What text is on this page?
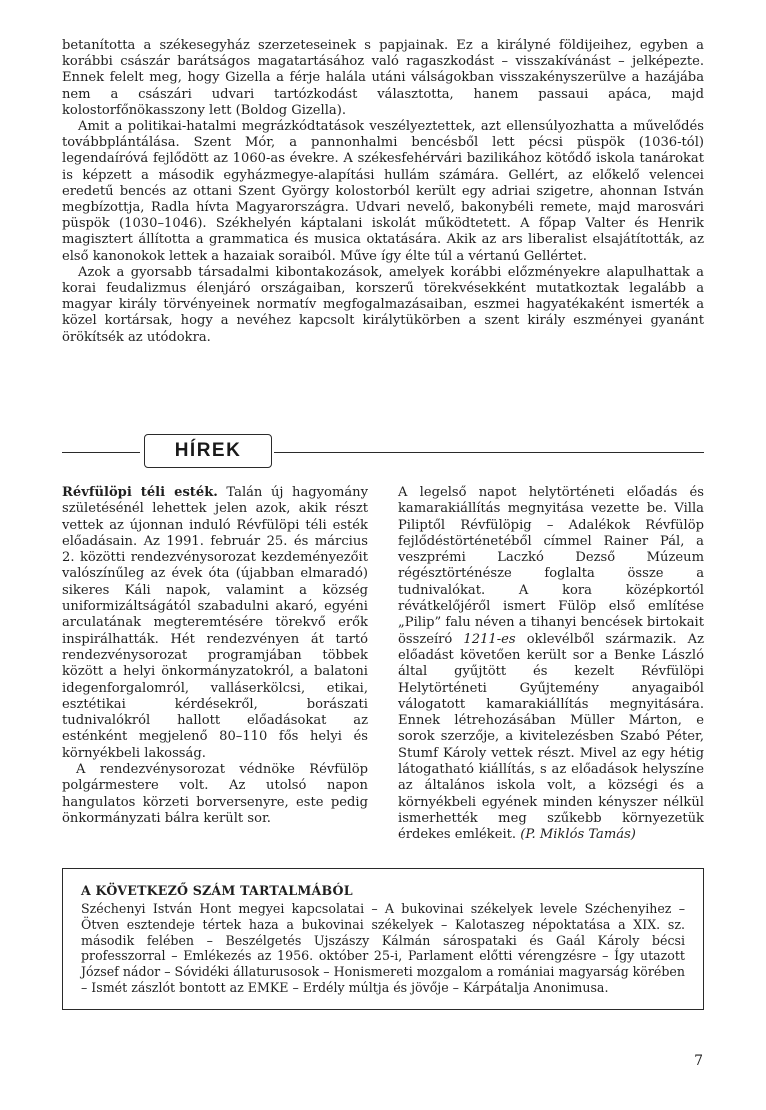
betanította a székesegyház szerzeteseinek s papjainak. Ez a királyné földijeihez, egyben a korábbi császár barátságos magatartásához való ragaszkodást – visszakívánást – jelképezte. Ennek felelt meg, hogy Gizella a férje halála utáni válságokban visszakényszerülve a hazájába nem a császári udvari tartózkodást választotta, hanem passaui apáca, majd kolostorfőnökasszony lett (Boldog Gizella).

Amit a politikai-hatalmi megrázkódtatások veszélyeztettek, azt ellensúlyozhatta a művelődés továbbplántálása. Szent Mór, a pannonhalmi bencésből lett pécsi püspök (1036-tól) legendaíróvá fejlődött az 1060-as évekre. A székesfehérvári bazilikához kötődő iskola tanárokat is képzett a második egyházmegye-alapítási hullám számára. Gellért, az előkelő velencei eredetű bencés az ottani Szent György kolostorból került egy adriai szigetre, ahonnan István megbízottja, Radla hívta Magyarországra. Udvari nevelő, bakonybéli remete, majd marosvári püspök (1030–1046). Székhelyén káptalani iskolát működtetett. A főpap Valter és Henrik magisztert állította a grammatica és musica oktatására. Akik az ars liberalist elsajátították, az első kanonokok lettek a hazaiak soraiból. Műve így élte túl a vértanú Gellértet.

Azok a gyorsabb társadalmi kibontakozások, amelyek korábbi előzményekre alapulhattak a korai feudalizmus élenjáró országaiban, korszerű törekvésekként mutatkoztak legalább a magyar király törvényeinek normatív megfogalmazásaiban, eszmei hagyatékaként ismerték a közel kortársak, hogy a nevéhez kapcsolt királytükörben a szent király eszményei gyanánt örökítsék az utódokra.

HÍREK

Révfülöpi téli esték. Talán új hagyomány születésénél lehettek jelen azok, akik részt vettek az újonnan induló Révfülöpi téli esték előadásain. Az 1991. február 25. és március 2. közötti rendezvénysorozat kezdeményezőit valószínűleg az évek óta (újabban elmaradó) sikeres Káli napok, valamint a község uniformizáltságától szabadulni akaró, egyéni arculatának megteremtésére törekvő erők inspirálhatták. Hét rendezvényen át tartó rendezvénysorozat programjában többek között a helyi önkormányzatokról, a balatoni idegenforgalomról, valláserkölcsi, etikai, esztétikai kérdésekről, borászati tudnivalókról hallott előadásokat az esténként megjelenő 80–110 fős helyi és környékbeli lakosság.

A rendezvénysorozat védnöke Révfülöp polgármestere volt. Az utolsó napon hangulatos körzeti borversenyre, este pedig önkormányzati bálra került sor.

A legelső napot helytörténeti előadás és kamarakiállítás megnyitása vezette be. Villa Piliptől Révfülöpig – Adalékok Révfülöp fejlődéstörténetéből címmel Rainer Pál, a veszprémi Laczkó Dezső Múzeum régésztörténésze foglalta össze a tudnivalókat. A kora középkortól révátkelőjéről ismert Fülöp első említése „Pilip” falu néven a tihanyi bencések birtokait összeíró 1211-es oklevélből származik. Az előadást követően került sor a Benke László által gyűjtött és kezelt Révfülöpi Helytörténeti Gyűjtemény anyagaiból válogatott kamarakiállítás megnyitására. Ennek létrehozásában Müller Márton, e sorok szerzője, a kivitelezésben Szabó Péter, Stumf Károly vettek részt. Mivel az egy hétig látogatható kiállítás, s az előadások helyszíne az általános iskola volt, a községi és a környékbeli egyének minden kényszer nélkül ismerhették meg szűkebb környezetük érdekes emlékeit. (P. Miklós Tamás)

A KÖVETKEZŐ SZÁM TARTALMÁBÓL

Széchenyi István Hont megyei kapcsolatai – A bukovinai székelyek levele Széchenyihez – Ötven esztendeje tértek haza a bukovinai székelyek – Kalotaszeg népoktatása a XIX. sz. második felében – Beszélgetés Ujszászy Kálmán sárospataki és Gaál Károly bécsi professzorral – Emlékezés az 1956. október 25-i, Parlament előtti vérengzésre – Így utazott József nádor – Sóvidéki állaturusosok – Honismereti mozgalom a romániai magyarság körében – Ismét zászlót bontott az EMKE – Erdély múltja és jövője – Kárpátalja Anonimusa.

7
